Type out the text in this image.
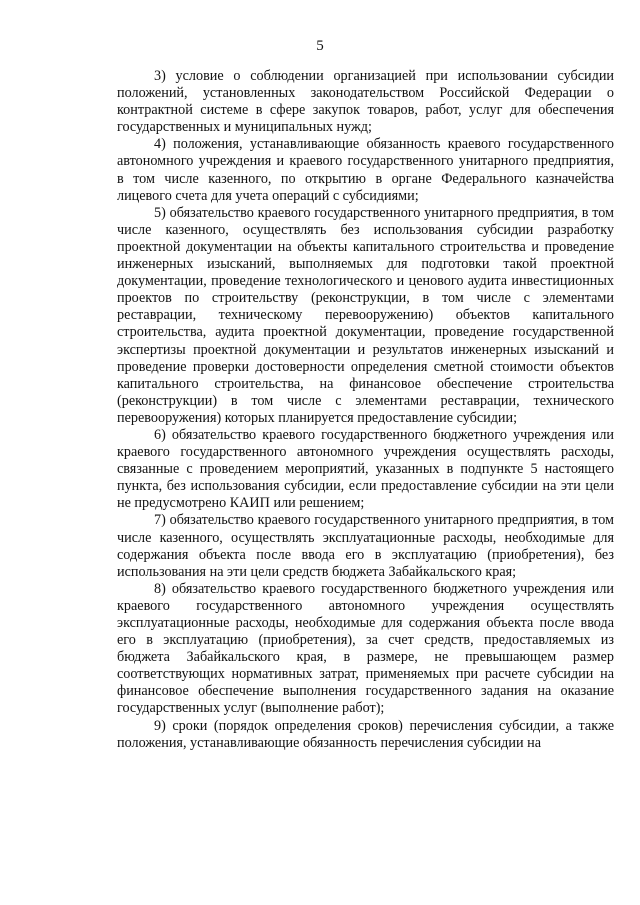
5

3) условие о соблюдении организацией при использовании субсидии положений, установленных законодательством Российской Федерации о контрактной системе в сфере закупок товаров, работ, услуг для обеспечения государственных и муниципальных нужд;

4) положения, устанавливающие обязанность краевого государственного автономного учреждения и краевого государственного унитарного предприятия, в том числе казенного, по открытию в органе Федерального казначейства лицевого счета для учета операций с субсидиями;

5) обязательство краевого государственного унитарного предприятия, в том числе казенного, осуществлять без использования субсидии разработку проектной документации на объекты капитального строительства и проведение инженерных изысканий, выполняемых для подготовки такой проектной документации, проведение технологического и ценового аудита инвестиционных проектов по строительству (реконструкции, в том числе с элементами реставрации, техническому перевооружению) объектов капитального строительства, аудита проектной документации, проведение государственной экспертизы проектной документации и результатов инженерных изысканий и проведение проверки достоверности определения сметной стоимости объектов капитального строительства, на финансовое обеспечение строительства (реконструкции) в том числе с элементами реставрации, технического перевооружения) которых планируется предоставление субсидии;

6) обязательство краевого государственного бюджетного учреждения или краевого государственного автономного учреждения осуществлять расходы, связанные с проведением мероприятий, указанных в подпункте 5 настоящего пункта, без использования субсидии, если предоставление субсидии на эти цели не предусмотрено КАИП или решением;

7) обязательство краевого государственного унитарного предприятия, в том числе казенного, осуществлять эксплуатационные расходы, необходимые для содержания объекта после ввода его в эксплуатацию (приобретения), без использования на эти цели средств бюджета Забайкальского края;

8) обязательство краевого государственного бюджетного учреждения или краевого государственного автономного учреждения осуществлять эксплуатационные расходы, необходимые для содержания объекта после ввода его в эксплуатацию (приобретения), за счет средств, предоставляемых из бюджета Забайкальского края, в размере, не превышающем размер соответствующих нормативных затрат, применяемых при расчете субсидии на финансовое обеспечение выполнения государственного задания на оказание государственных услуг (выполнение работ);

9) сроки (порядок определения сроков) перечисления субсидии, а также положения, устанавливающие обязанность перечисления субсидии на
